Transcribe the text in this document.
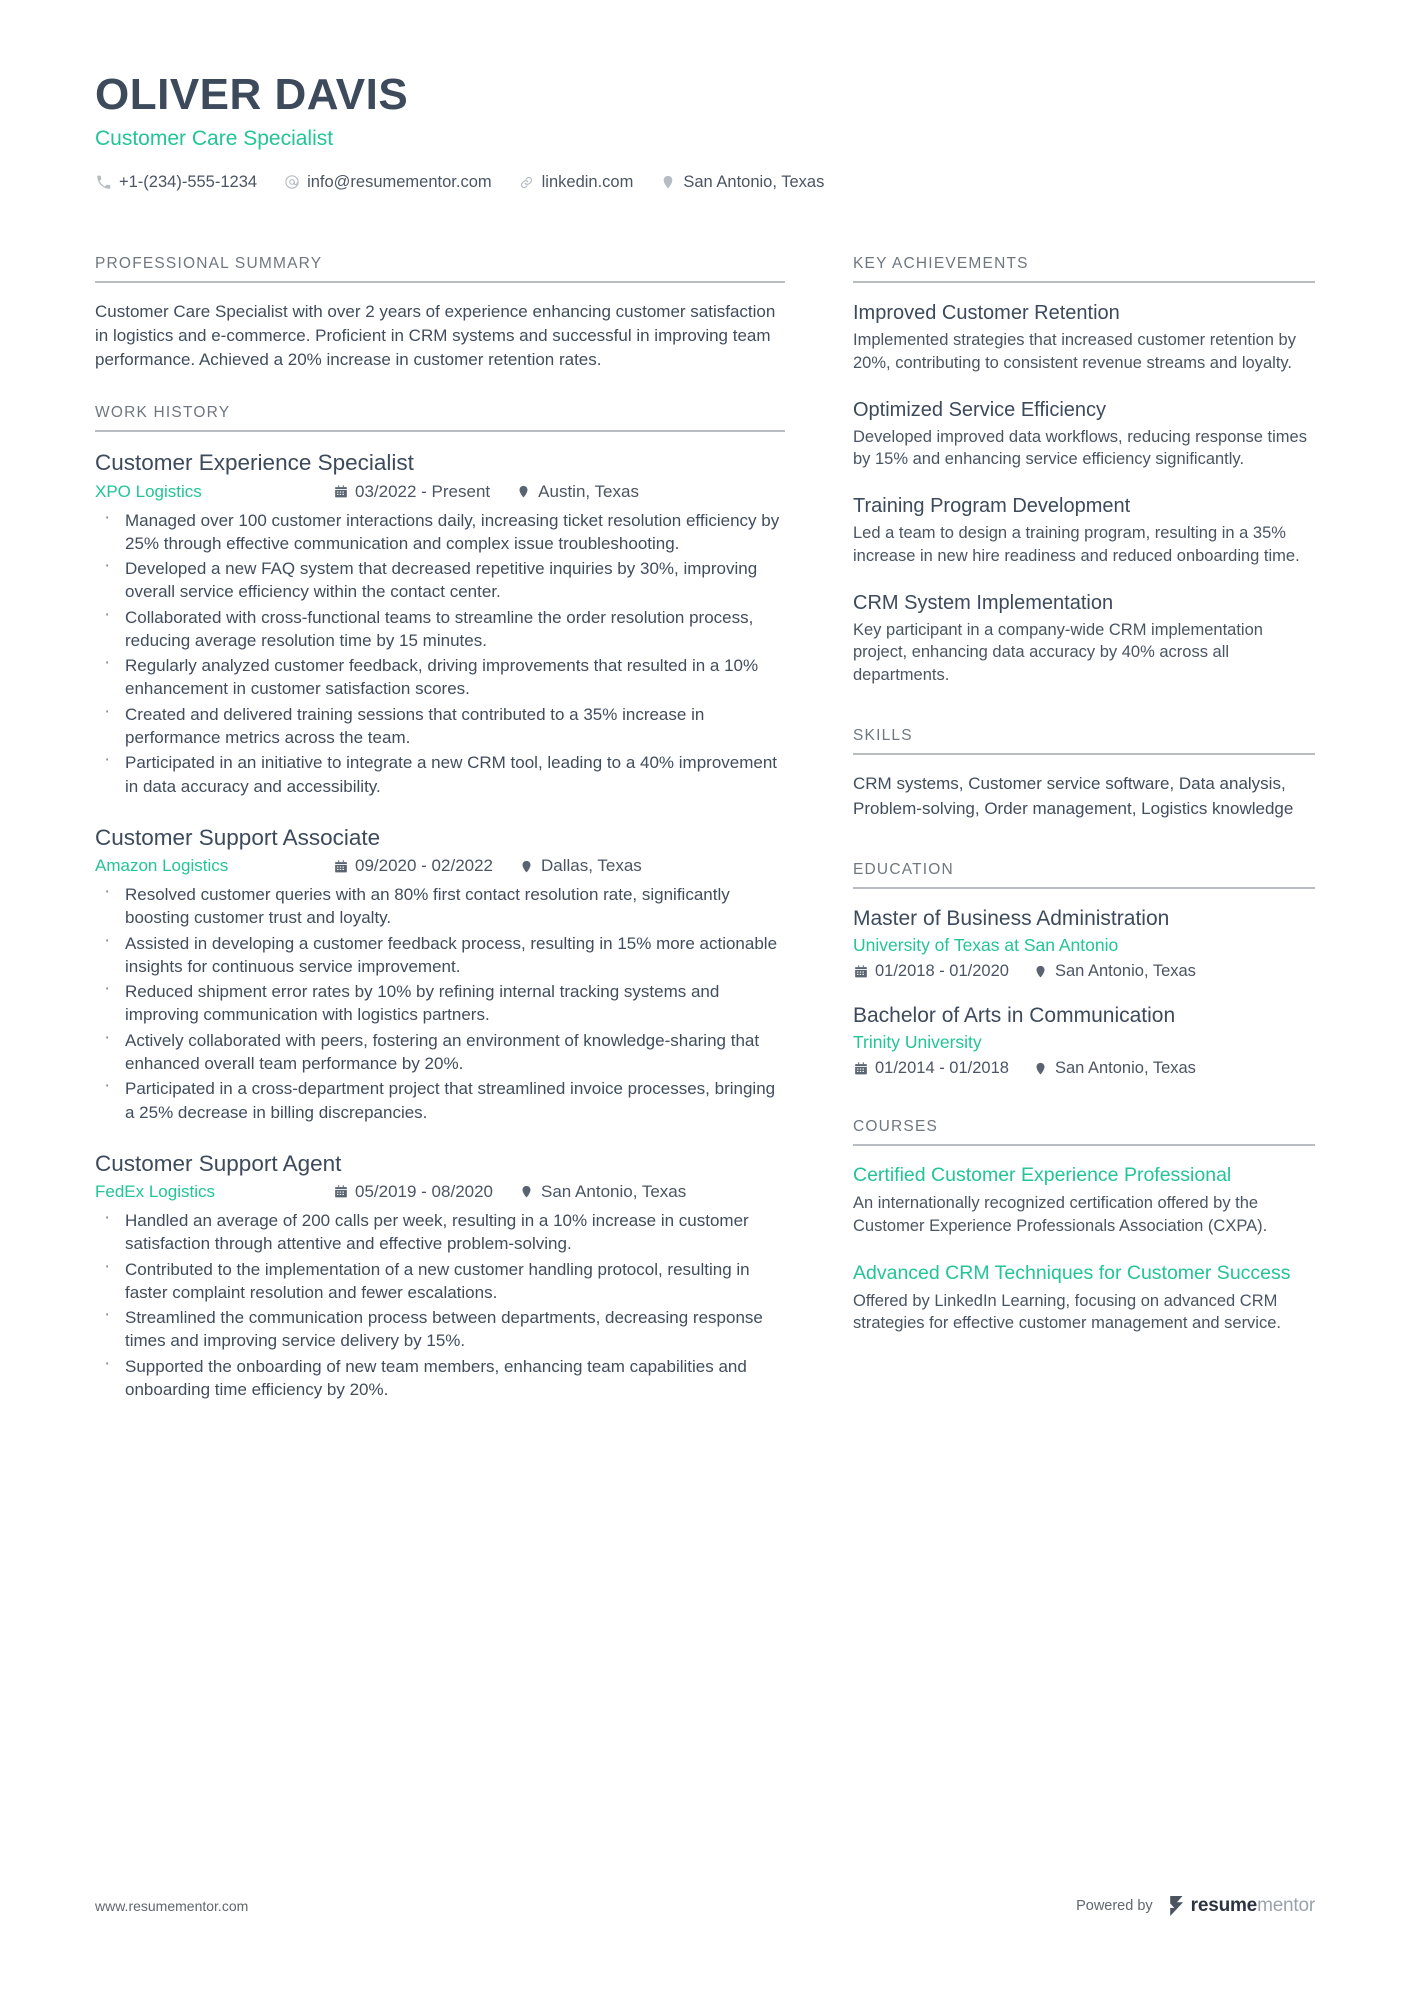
OLIVER DAVIS
Customer Care Specialist
+1-(234)-555-1234	info@resumementor.com	linkedin.com	San Antonio, Texas
PROFESSIONAL SUMMARY
Customer Care Specialist with over 2 years of experience enhancing customer satisfaction in logistics and e-commerce. Proficient in CRM systems and successful in improving team performance. Achieved a 20% increase in customer retention rates.
WORK HISTORY
Customer Experience Specialist
XPO Logistics	03/2022 - Present	Austin, Texas
· Managed over 100 customer interactions daily, increasing ticket resolution efficiency by 25% through effective communication and complex issue troubleshooting.
· Developed a new FAQ system that decreased repetitive inquiries by 30%, improving overall service efficiency within the contact center.
· Collaborated with cross-functional teams to streamline the order resolution process, reducing average resolution time by 15 minutes.
· Regularly analyzed customer feedback, driving improvements that resulted in a 10% enhancement in customer satisfaction scores.
· Created and delivered training sessions that contributed to a 35% increase in performance metrics across the team.
· Participated in an initiative to integrate a new CRM tool, leading to a 40% improvement in data accuracy and accessibility.
Customer Support Associate
Amazon Logistics	09/2020 - 02/2022	Dallas, Texas
· Resolved customer queries with an 80% first contact resolution rate, significantly boosting customer trust and loyalty.
· Assisted in developing a customer feedback process, resulting in 15% more actionable insights for continuous service improvement.
· Reduced shipment error rates by 10% by refining internal tracking systems and improving communication with logistics partners.
· Actively collaborated with peers, fostering an environment of knowledge-sharing that enhanced overall team performance by 20%.
· Participated in a cross-department project that streamlined invoice processes, bringing a 25% decrease in billing discrepancies.
Customer Support Agent
FedEx Logistics	05/2019 - 08/2020	San Antonio, Texas
· Handled an average of 200 calls per week, resulting in a 10% increase in customer satisfaction through attentive and effective problem-solving.
· Contributed to the implementation of a new customer handling protocol, resulting in faster complaint resolution and fewer escalations.
· Streamlined the communication process between departments, decreasing response times and improving service delivery by 15%.
· Supported the onboarding of new team members, enhancing team capabilities and onboarding time efficiency by 20%.
KEY ACHIEVEMENTS
Improved Customer Retention
Implemented strategies that increased customer retention by 20%, contributing to consistent revenue streams and loyalty.
Optimized Service Efficiency
Developed improved data workflows, reducing response times by 15% and enhancing service efficiency significantly.
Training Program Development
Led a team to design a training program, resulting in a 35% increase in new hire readiness and reduced onboarding time.
CRM System Implementation
Key participant in a company-wide CRM implementation project, enhancing data accuracy by 40% across all departments.
SKILLS
CRM systems, Customer service software, Data analysis, Problem-solving, Order management, Logistics knowledge
EDUCATION
Master of Business Administration
University of Texas at San Antonio
01/2018 - 01/2020	San Antonio, Texas
Bachelor of Arts in Communication
Trinity University
01/2014 - 01/2018	San Antonio, Texas
COURSES
Certified Customer Experience Professional
An internationally recognized certification offered by the Customer Experience Professionals Association (CXPA).
Advanced CRM Techniques for Customer Success
Offered by LinkedIn Learning, focusing on advanced CRM strategies for effective customer management and service.
www.resumementor.com	Powered by resume mentor
